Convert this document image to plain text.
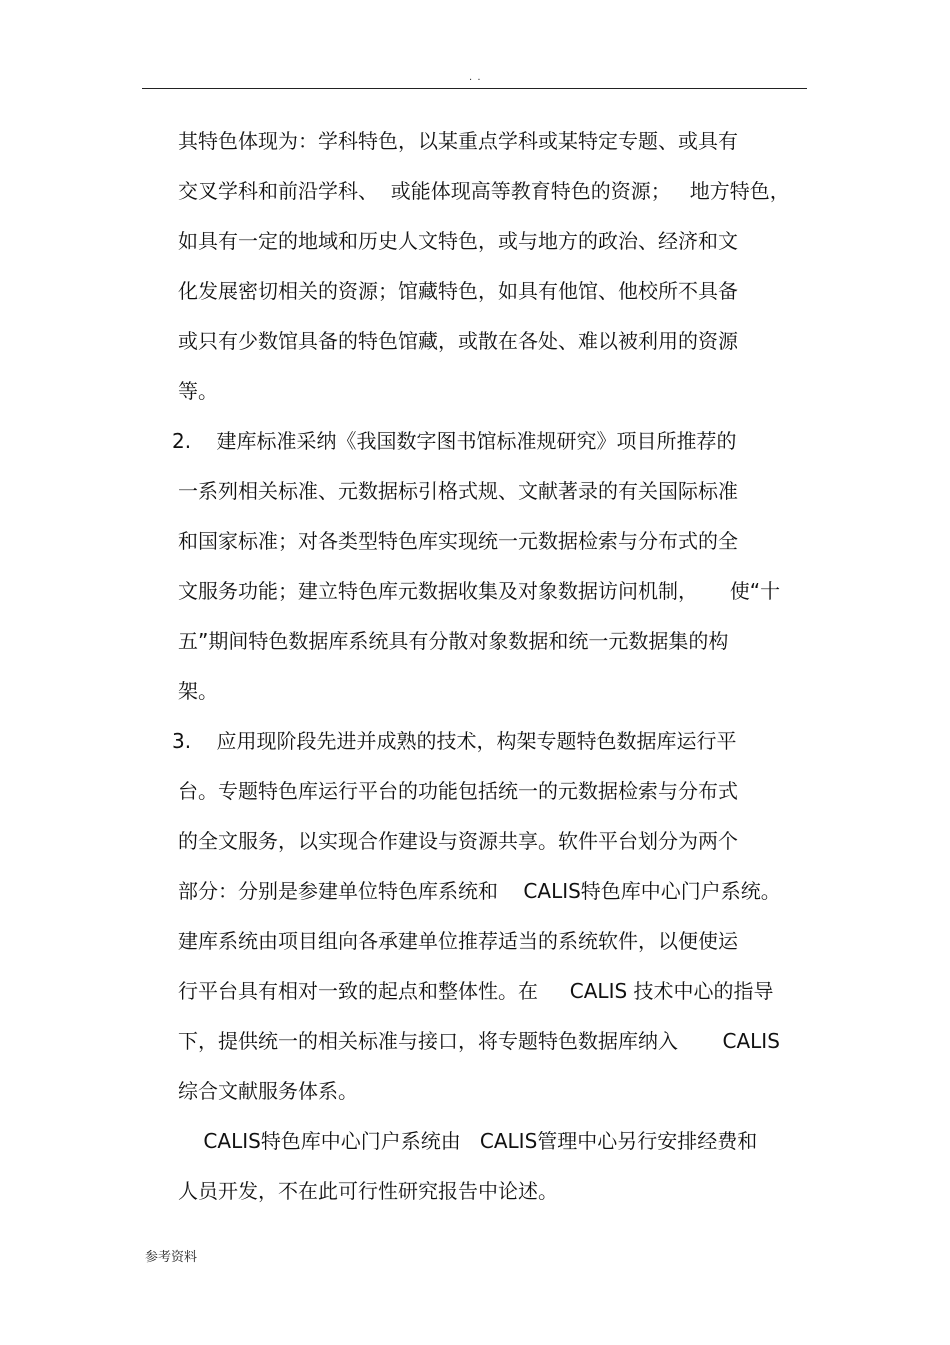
. .
其特色体现为：学科特色，以某重点学科或某特定专题、或具有
交叉学科和前沿学科、  或能体现高等教育特色的资源；   地方特色，
如具有一定的地域和历史人文特色，或与地方的政治、经济和文
化发展密切相关的资源；馆藏特色，如具有他馆、他校所不具备
或只有少数馆具备的特色馆藏，或散在各处、难以被利用的资源
等。
2.    建库标准采纳《我国数字图书馆标准规研究》项目所推荐的
一系列相关标准、元数据标引格式规、文献著录的有关国际标准
和国家标准；对各类型特色库实现统一元数据检索与分布式的全
文服务功能；建立特色库元数据收集及对象数据访问机制，     使“十
五”期间特色数据库系统具有分散对象数据和统一元数据集的构
架。
3.    应用现阶段先进并成熟的技术，构架专题特色数据库运行平
台。专题特色库运行平台的功能包括统一的元数据检索与分布式
的全文服务，以实现合作建设与资源共享。软件平台划分为两个
部分：分别是参建单位特色库系统和    CALIS特色库中心门户系统。
建库系统由项目组向各承建单位推荐适当的系统软件，以便使运
行平台具有相对一致的起点和整体性。在     CALIS 技术中心的指导
下，提供统一的相关标准与接口，将专题特色数据库纳入       CALIS
综合文献服务体系。
CALIS特色库中心门户系统由   CALIS管理中心另行安排经费和
人员开发，不在此可行性研究报告中论述。
参考资料
